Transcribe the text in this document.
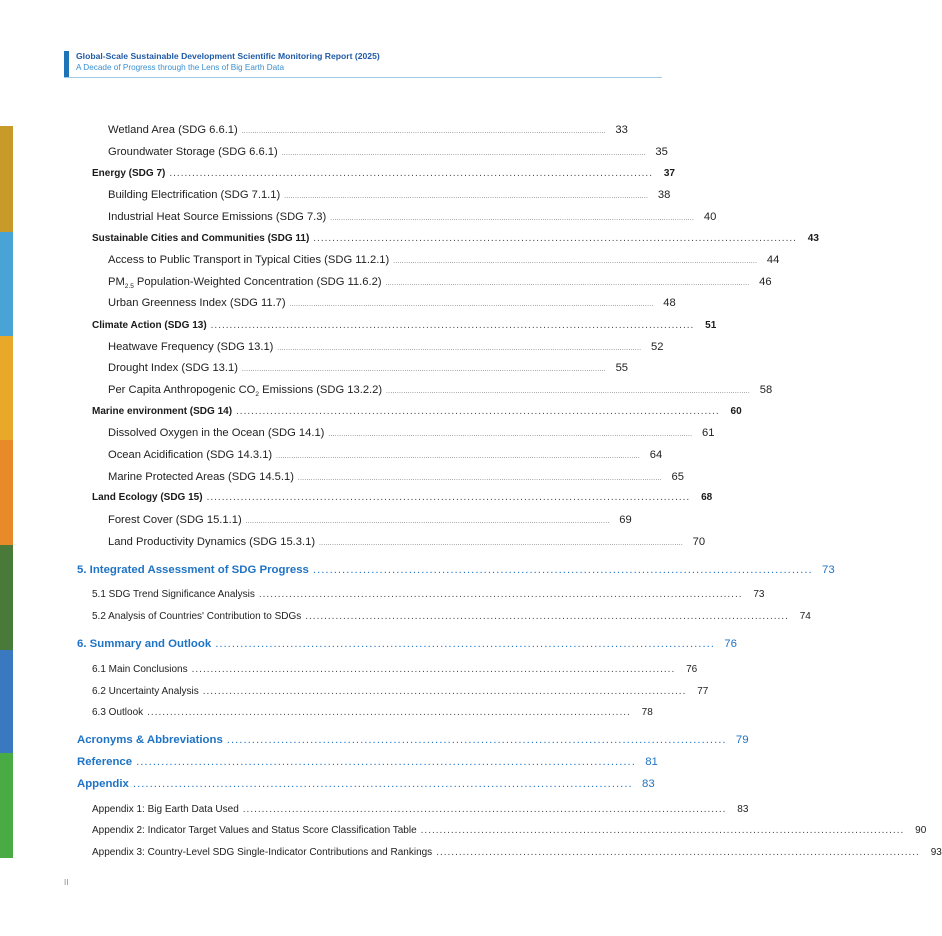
Global-Scale Sustainable Development Scientific Monitoring Report (2025)
A Decade of Progress through the Lens of Big Earth Data
Wetland Area (SDG 6.6.1) ........................................................................................................................................................................ 33
Groundwater Storage (SDG 6.6.1) ........................................................................................................................................................................ 35
Energy (SDG 7) ................................................................................................................................	37
Building Electrification (SDG 7.1.1) ........................................................................................................................................................................ 38
Industrial Heat Source Emissions (SDG 7.3) ........................................................................................................................................................................ 40
Sustainable Cities and Communities (SDG 11) ................................................................................................................................	43
Access to Public Transport in Typical Cities (SDG 11.2.1) ........................................................................................................................................................................ 44
$PM_{2.5}$ Population-Weighted Concentration (SDG 11.6.2) ........................................................................................................................................................................ 46
Urban Greenness Index (SDG 11.7) ........................................................................................................................................................................ 48
Climate Action (SDG 13) ................................................................................................................................	51
Heatwave Frequency (SDG 13.1) ........................................................................................................................................................................ 52
Drought Index (SDG 13.1) ........................................................................................................................................................................ 55
Per Capita Anthropogenic $CO_2$ Emissions (SDG 13.2.2) ........................................................................................................................................................................ 58
Marine environment (SDG 14) ................................................................................................................................	60
Dissolved Oxygen in the Ocean (SDG 14.1) ........................................................................................................................................................................ 61
Ocean Acidification (SDG 14.3.1) ........................................................................................................................................................................ 64
Marine Protected Areas (SDG 14.5.1) ........................................................................................................................................................................ 65
Land Ecology (SDG 15) ................................................................................................................................	68
Forest Cover (SDG 15.1.1) ........................................................................................................................................................................ 69
Land Productivity Dynamics (SDG 15.3.1) ........................................................................................................................................................................ 70
5. Integrated Assessment of SDG Progress ........................................................................................................................ 73
5.1 SDG Trend Significance Analysis ................................................................................................................................	73
5.2 Analysis of Countries' Contribution to SDGs ................................................................................................................................	74
6. Summary and Outlook ........................................................................................................................ 76
6.1 Main Conclusions ................................................................................................................................	76
6.2 Uncertainty Analysis ................................................................................................................................	77
6.3 Outlook ................................................................................................................................	78
Acronyms & Abbreviations ........................................................................................................................ 79
Reference ........................................................................................................................ 81
Appendix ........................................................................................................................ 83
Appendix 1: Big Earth Data Used ................................................................................................................................	83
Appendix 2: Indicator Target Values and Status Score Classification Table ................................................................................................................................	90
Appendix 3: Country-Level SDG Single-Indicator Contributions and Rankings ................................................................................................................................	93
II
